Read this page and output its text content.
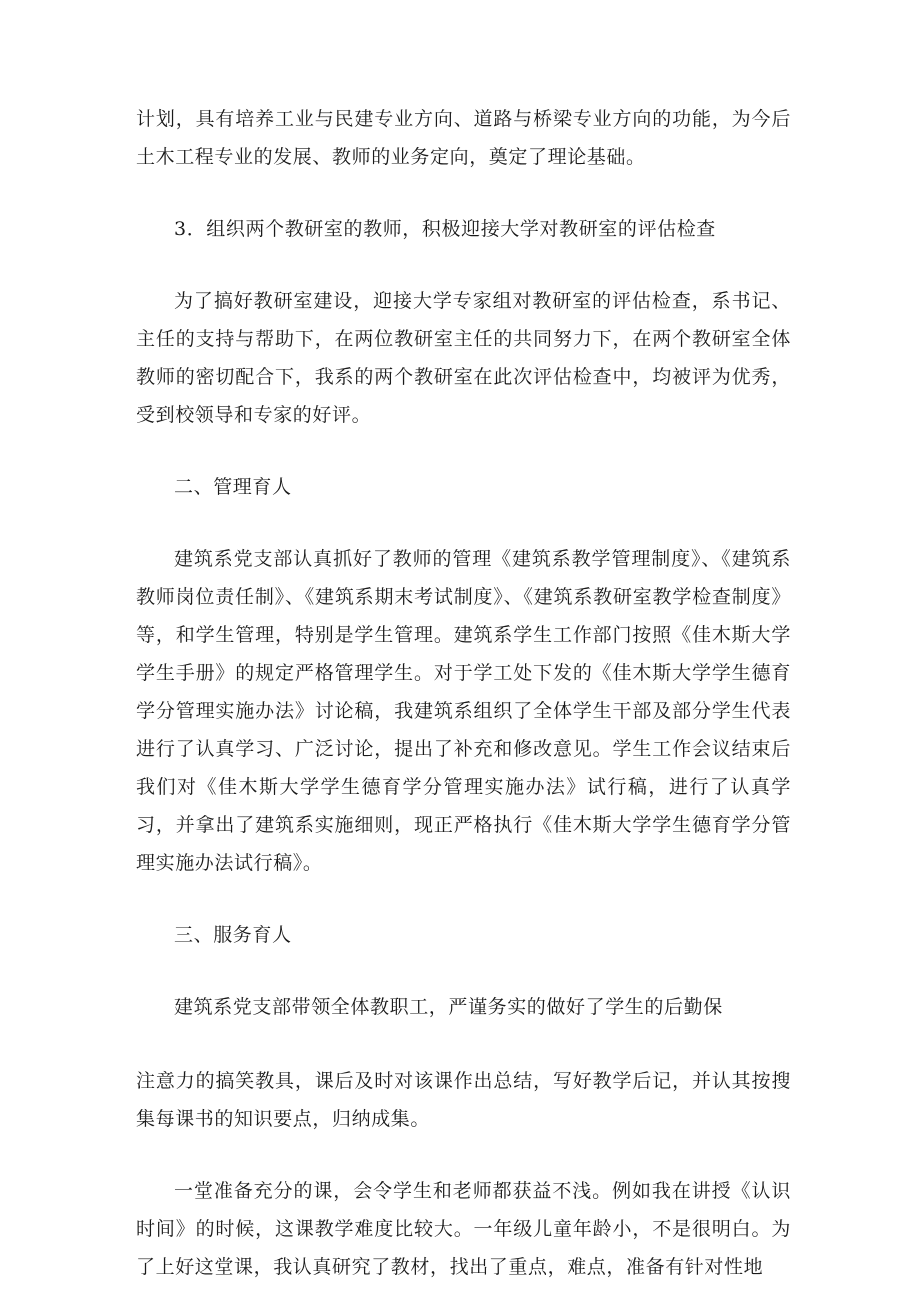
计划，具有培养工业与民建专业方向、道路与桥梁专业方向的功能，为今后土木工程专业的发展、教师的业务定向，奠定了理论基础。

3．组织两个教研室的教师，积极迎接大学对教研室的评估检查

为了搞好教研室建设，迎接大学专家组对教研室的评估检查，系书记、主任的支持与帮助下，在两位教研室主任的共同努力下，在两个教研室全体教师的密切配合下，我系的两个教研室在此次评估检查中，均被评为优秀，受到校领导和专家的好评。

二、管理育人

建筑系党支部认真抓好了教师的管理《建筑系教学管理制度》、《建筑系教师岗位责任制》、《建筑系期末考试制度》、《建筑系教研室教学检查制度》等，和学生管理，特别是学生管理。建筑系学生工作部门按照《佳木斯大学学生手册》的规定严格管理学生。对于学工处下发的《佳木斯大学学生德育学分管理实施办法》讨论稿，我建筑系组织了全体学生干部及部分学生代表进行了认真学习、广泛讨论，提出了补充和修改意见。学生工作会议结束后我们对《佳木斯大学学生德育学分管理实施办法》试行稿，进行了认真学习，并拿出了建筑系实施细则，现正严格执行《佳木斯大学学生德育学分管理实施办法试行稿》。

三、服务育人

建筑系党支部带领全体教职工，严谨务实的做好了学生的后勤保

注意力的搞笑教具，课后及时对该课作出总结，写好教学后记，并认其按搜集每课书的知识要点，归纳成集。

一堂准备充分的课，会令学生和老师都获益不浅。例如我在讲授《认识时间》的时候，这课教学难度比较大。一年级儿童年龄小，不是很明白。为了上好这堂课，我认真研究了教材，找出了重点，难点，准备有针对性地
